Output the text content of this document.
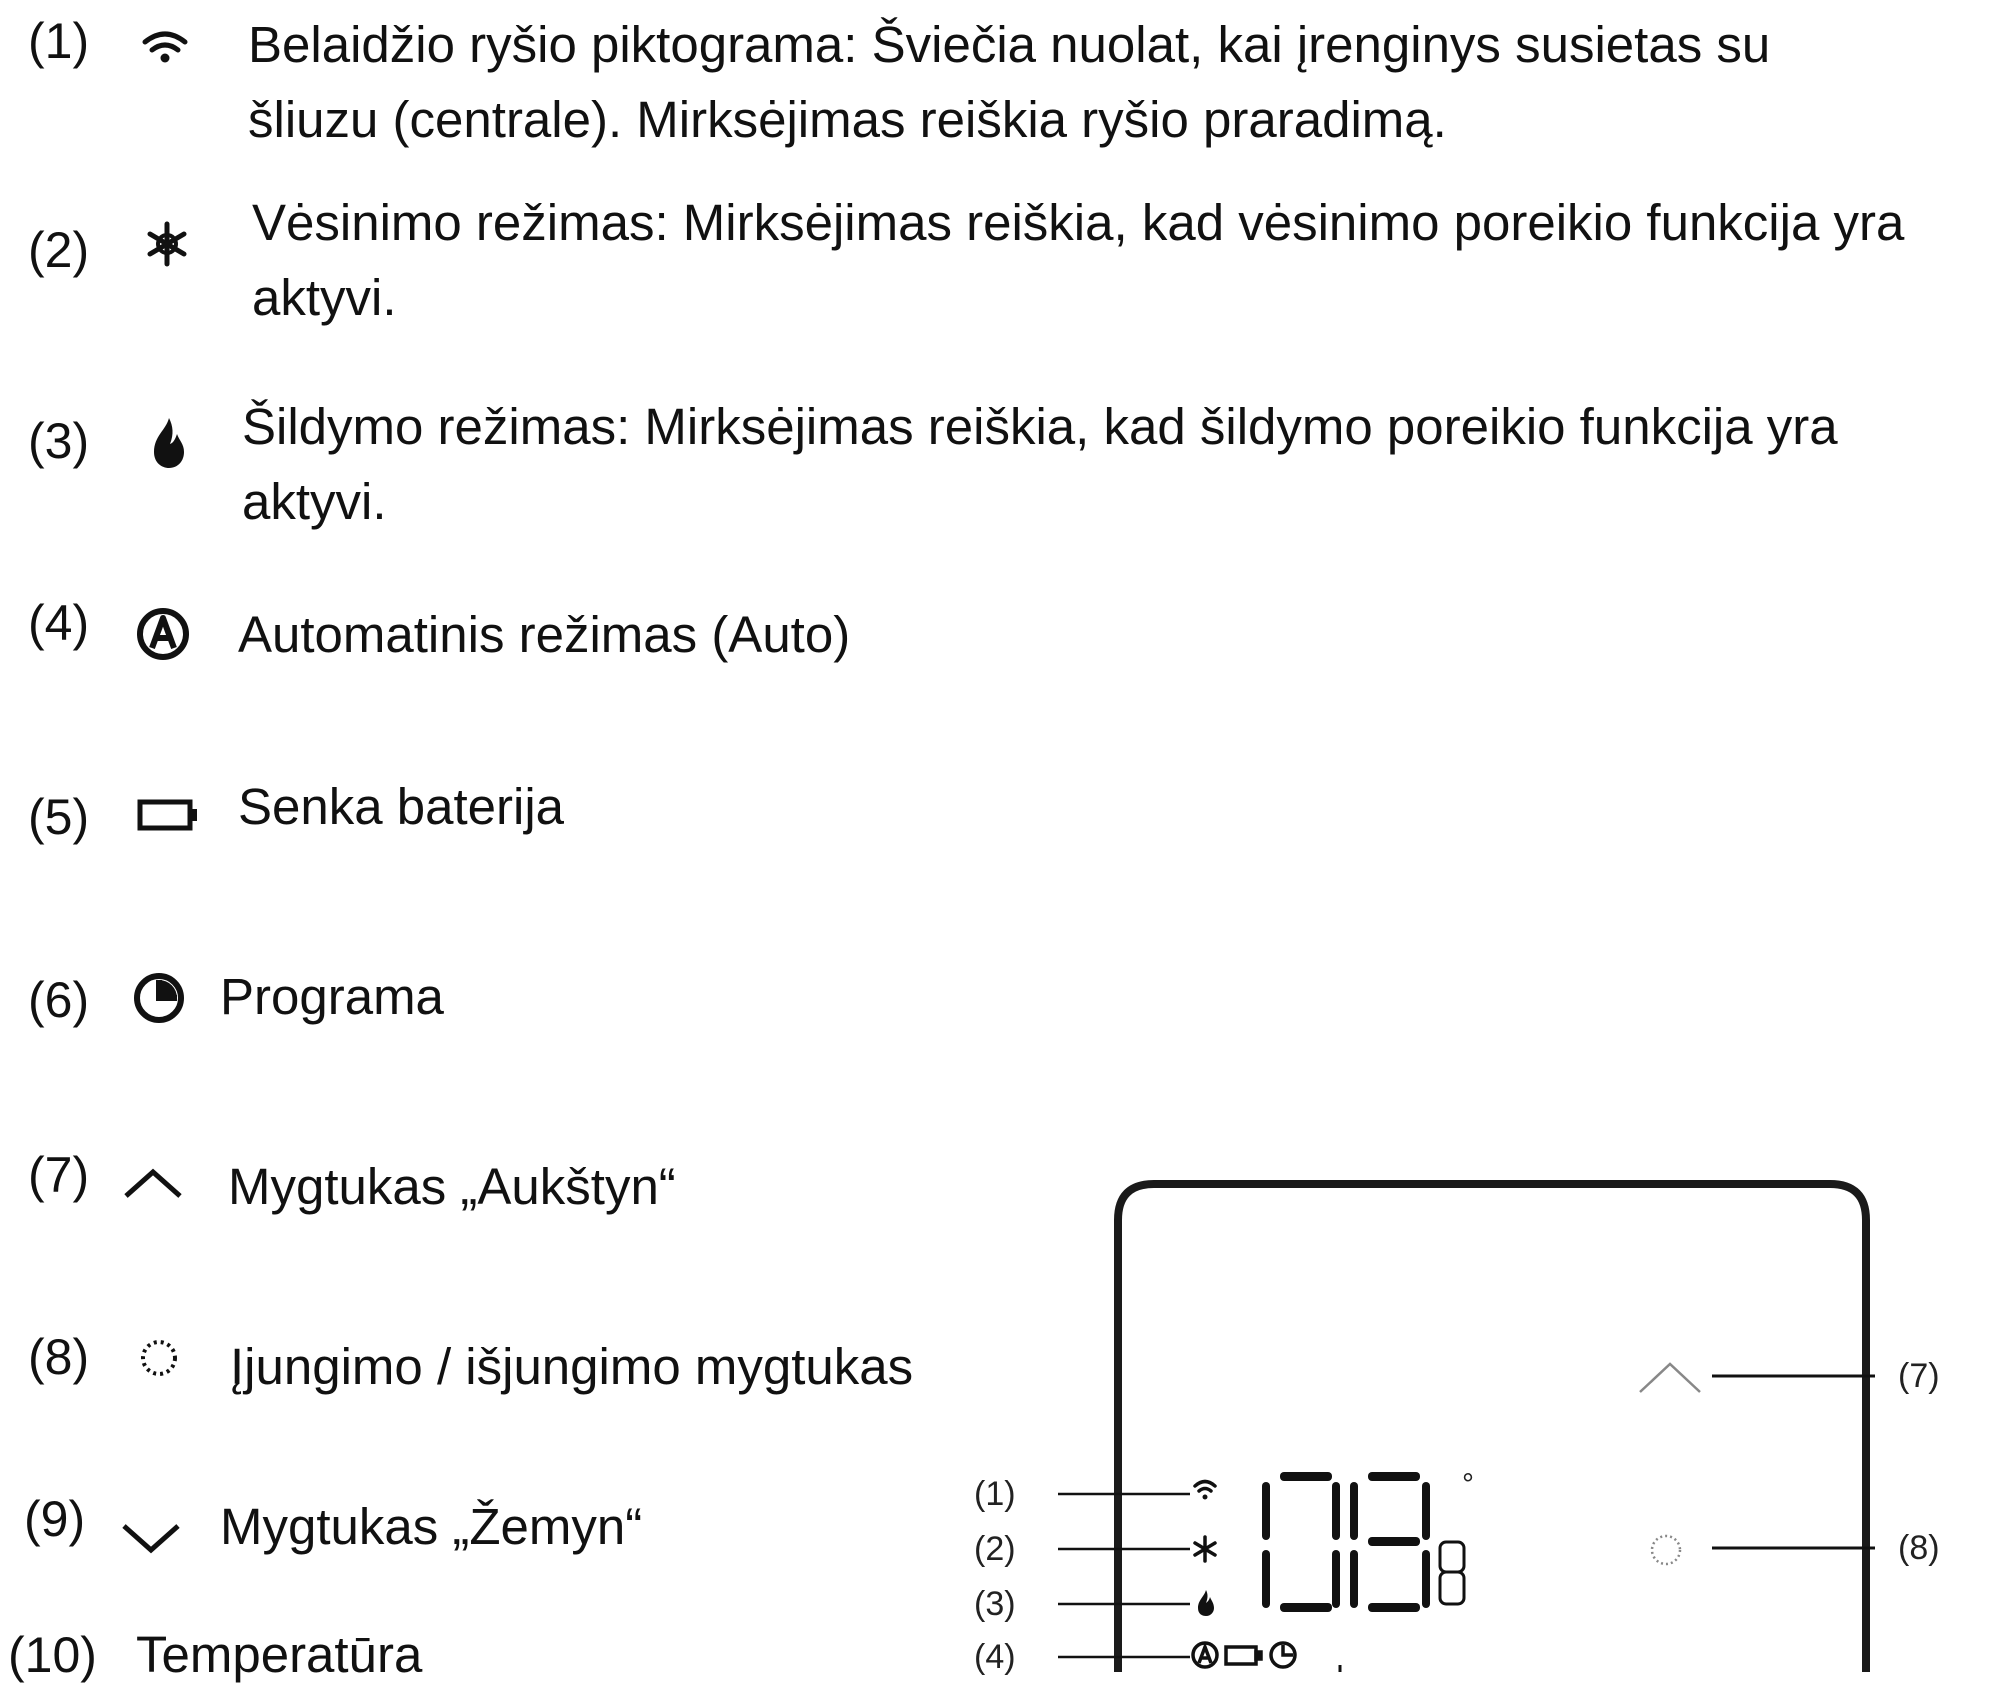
(1)	Belaidžio ryšio piktograma: Šviečia nuolat, kai įrenginys susietas su
šliuzu (centrale). Mirksėjimas reiškia ryšio praradimą.
(2)	Vėsinimo režimas: Mirksėjimas reiškia, kad vėsinimo poreikio funkcija yra
aktyvi.
(3)	Šildymo režimas: Mirksėjimas reiškia, kad šildymo poreikio funkcija yra
aktyvi.
(4)	Automatinis režimas (Auto)
(5)	Senka baterija
(6)	Programa
(7)	Mygtukas „Aukštyn“
(8)	Įjungimo / išjungimo mygtukas
(9)	Mygtukas „Žemyn“
(10) Temperatūra
(1)
(2)
(3)
(4)
(7)
(8)
°
